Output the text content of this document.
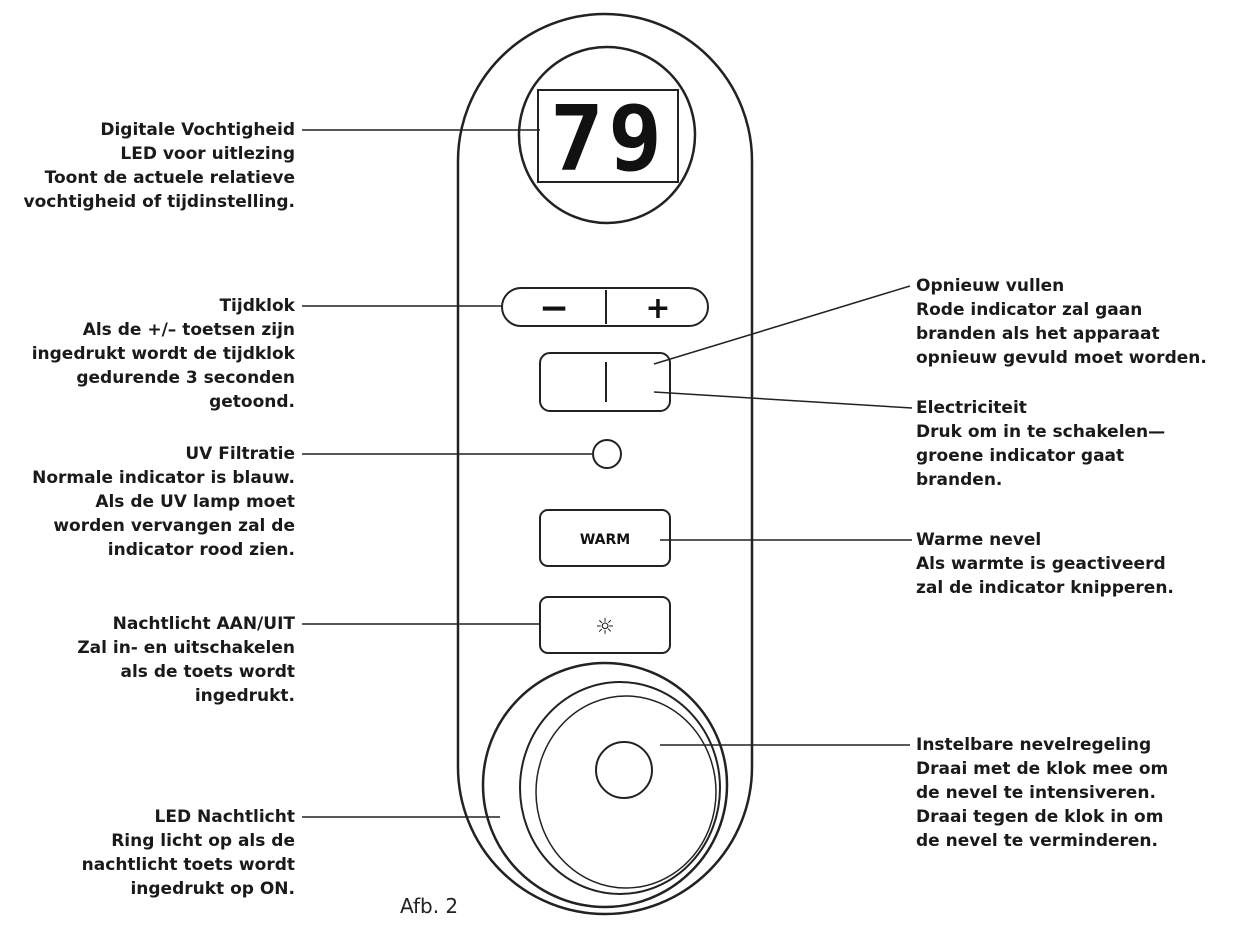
79
−	+
WARM
☼
Digitale Vochtigheid
LED voor uitlezing
Toont de actuele relatieve
vochtigheid of tijdinstelling.
Tijdklok
Als de +/– toetsen zijn
ingedrukt wordt de tijdklok
gedurende 3 seconden
getoond.
UV Filtratie
Normale indicator is blauw.
Als de UV lamp moet
worden vervangen zal de
indicator rood zien.
Nachtlicht AAN/UIT
Zal in- en uitschakelen
als de toets wordt
ingedrukt.
LED Nachtlicht
Ring licht op als de
nachtlicht toets wordt
ingedrukt op ON.
Opnieuw vullen
Rode indicator zal gaan
branden als het apparaat
opnieuw gevuld moet worden.
Electriciteit
Druk om in te schakelen—
groene indicator gaat
branden.
Warme nevel
Als warmte is geactiveerd
zal de indicator knipperen.
Instelbare nevelregeling
Draai met de klok mee om
de nevel te intensiveren.
Draai tegen de klok in om
de nevel te verminderen.
Afb. 2
